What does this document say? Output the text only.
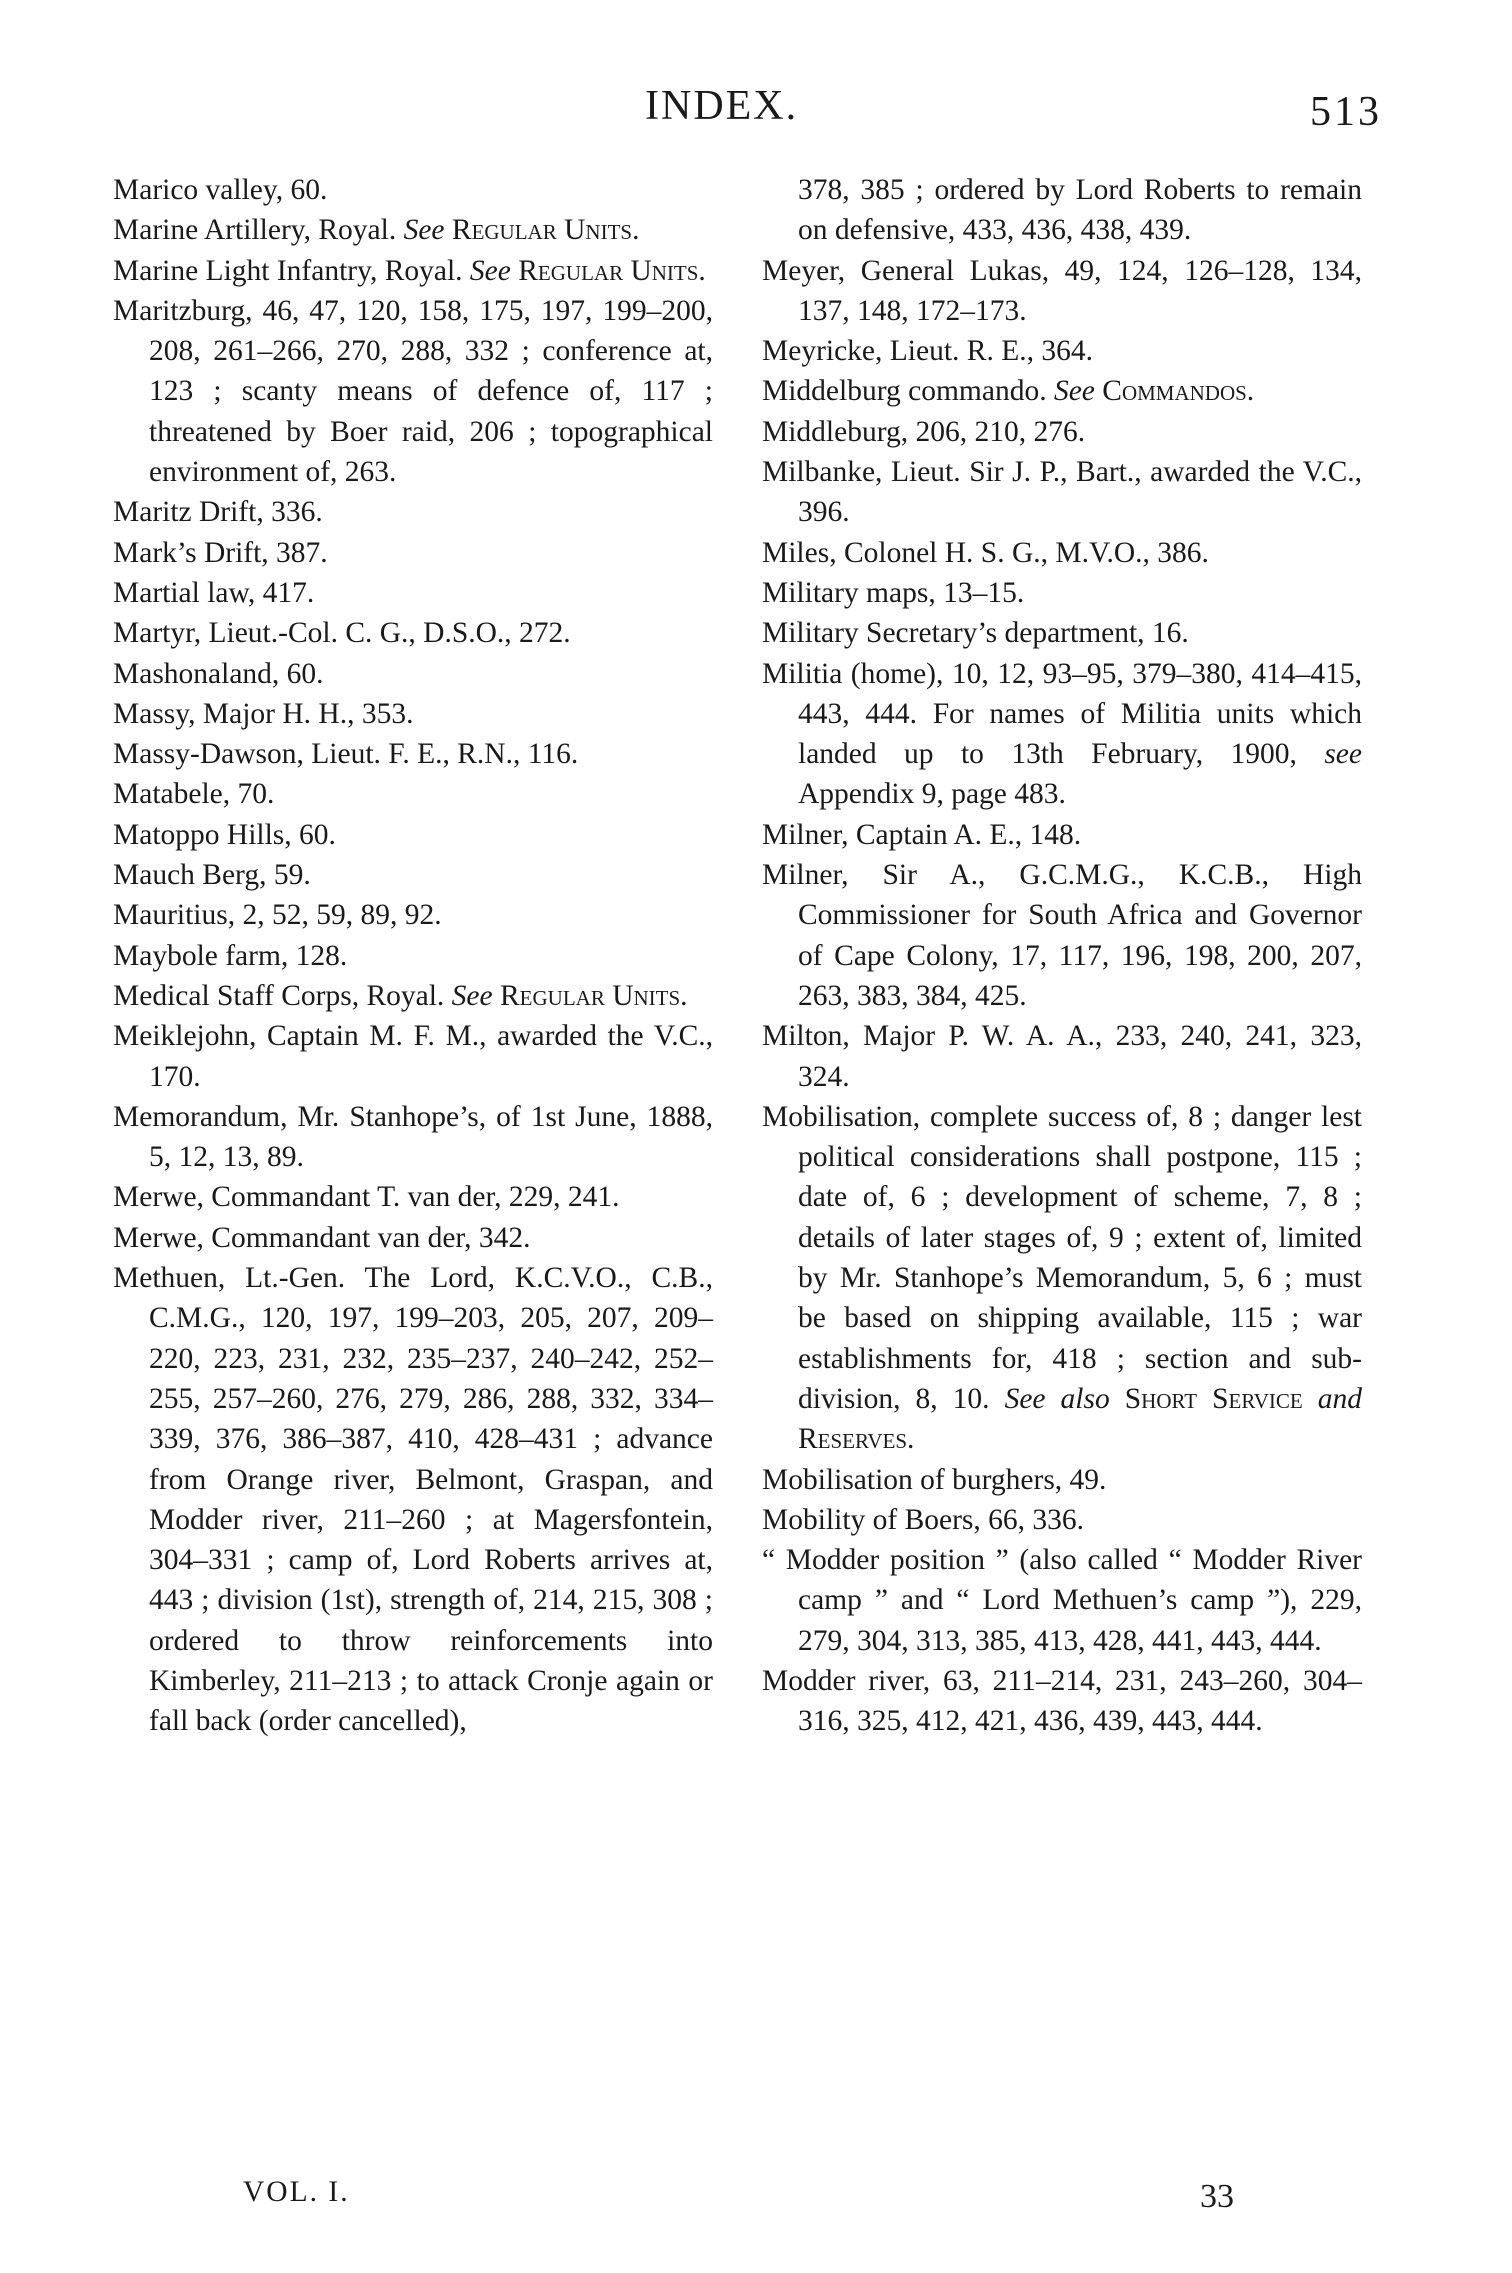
INDEX.	513

Marico valley, 60.

Marine Artillery, Royal. See Regular Units.

Marine Light Infantry, Royal. See Regular Units.

Maritzburg, 46, 47, 120, 158, 175, 197, 199–200, 208, 261–266, 270, 288, 332 ; conference at, 123 ; scanty means of defence of, 117 ; threatened by Boer raid, 206 ; topographical environment of, 263.

Maritz Drift, 336.

Mark’s Drift, 387.

Martial law, 417.

Martyr, Lieut.-Col. C. G., D.S.O., 272.

Mashonaland, 60.

Massy, Major H. H., 353.

Massy-Dawson, Lieut. F. E., R.N., 116.

Matabele, 70.

Matoppo Hills, 60.

Mauch Berg, 59.

Mauritius, 2, 52, 59, 89, 92.

Maybole farm, 128.

Medical Staff Corps, Royal. See Regular Units.

Meiklejohn, Captain M. F. M., awarded the V.C., 170.

Memorandum, Mr. Stanhope’s, of 1st June, 1888, 5, 12, 13, 89.

Merwe, Commandant T. van der, 229, 241.

Merwe, Commandant van der, 342.

Methuen, Lt.-Gen. The Lord, K.C.V.O., C.B., C.M.G., 120, 197, 199–203, 205, 207, 209–220, 223, 231, 232, 235–237, 240–242, 252–255, 257–260, 276, 279, 286, 288, 332, 334–339, 376, 386–387, 410, 428–431 ; advance from Orange river, Belmont, Graspan, and Modder river, 211–260 ; at Magersfontein, 304–331 ; camp of, Lord Roberts arrives at, 443 ; division (1st), strength of, 214, 215, 308 ; ordered to throw reinforcements into Kimberley, 211–213 ; to attack Cronje again or fall back (order cancelled),

378, 385 ; ordered by Lord Roberts to remain on defensive, 433, 436, 438, 439.

Meyer, General Lukas, 49, 124, 126–128, 134, 137, 148, 172–173.

Meyricke, Lieut. R. E., 364.

Middelburg commando. See Commandos.

Middleburg, 206, 210, 276.

Milbanke, Lieut. Sir J. P., Bart., awarded the V.C., 396.

Miles, Colonel H. S. G., M.V.O., 386.

Military maps, 13–15.

Military Secretary’s department, 16.

Militia (home), 10, 12, 93–95, 379–380, 414–415, 443, 444. For names of Militia units which landed up to 13th February, 1900, see Appendix 9, page 483.

Milner, Captain A. E., 148.

Milner, Sir A., G.C.M.G., K.C.B., High Commissioner for South Africa and Governor of Cape Colony, 17, 117, 196, 198, 200, 207, 263, 383, 384, 425.

Milton, Major P. W. A. A., 233, 240, 241, 323, 324.

Mobilisation, complete success of, 8 ; danger lest political considerations shall postpone, 115 ; date of, 6 ; development of scheme, 7, 8 ; details of later stages of, 9 ; extent of, limited by Mr. Stanhope’s Memorandum, 5, 6 ; must be based on shipping available, 115 ; war establishments for, 418 ; section and sub-division, 8, 10. See also Short Service and Reserves.

Mobilisation of burghers, 49.

Mobility of Boers, 66, 336.

“ Modder position ” (also called “ Modder River camp ” and “ Lord Methuen’s camp ”), 229, 279, 304, 313, 385, 413, 428, 441, 443, 444.

Modder river, 63, 211–214, 231, 243–260, 304–316, 325, 412, 421, 436, 439, 443, 444.

VOL. I.	33
